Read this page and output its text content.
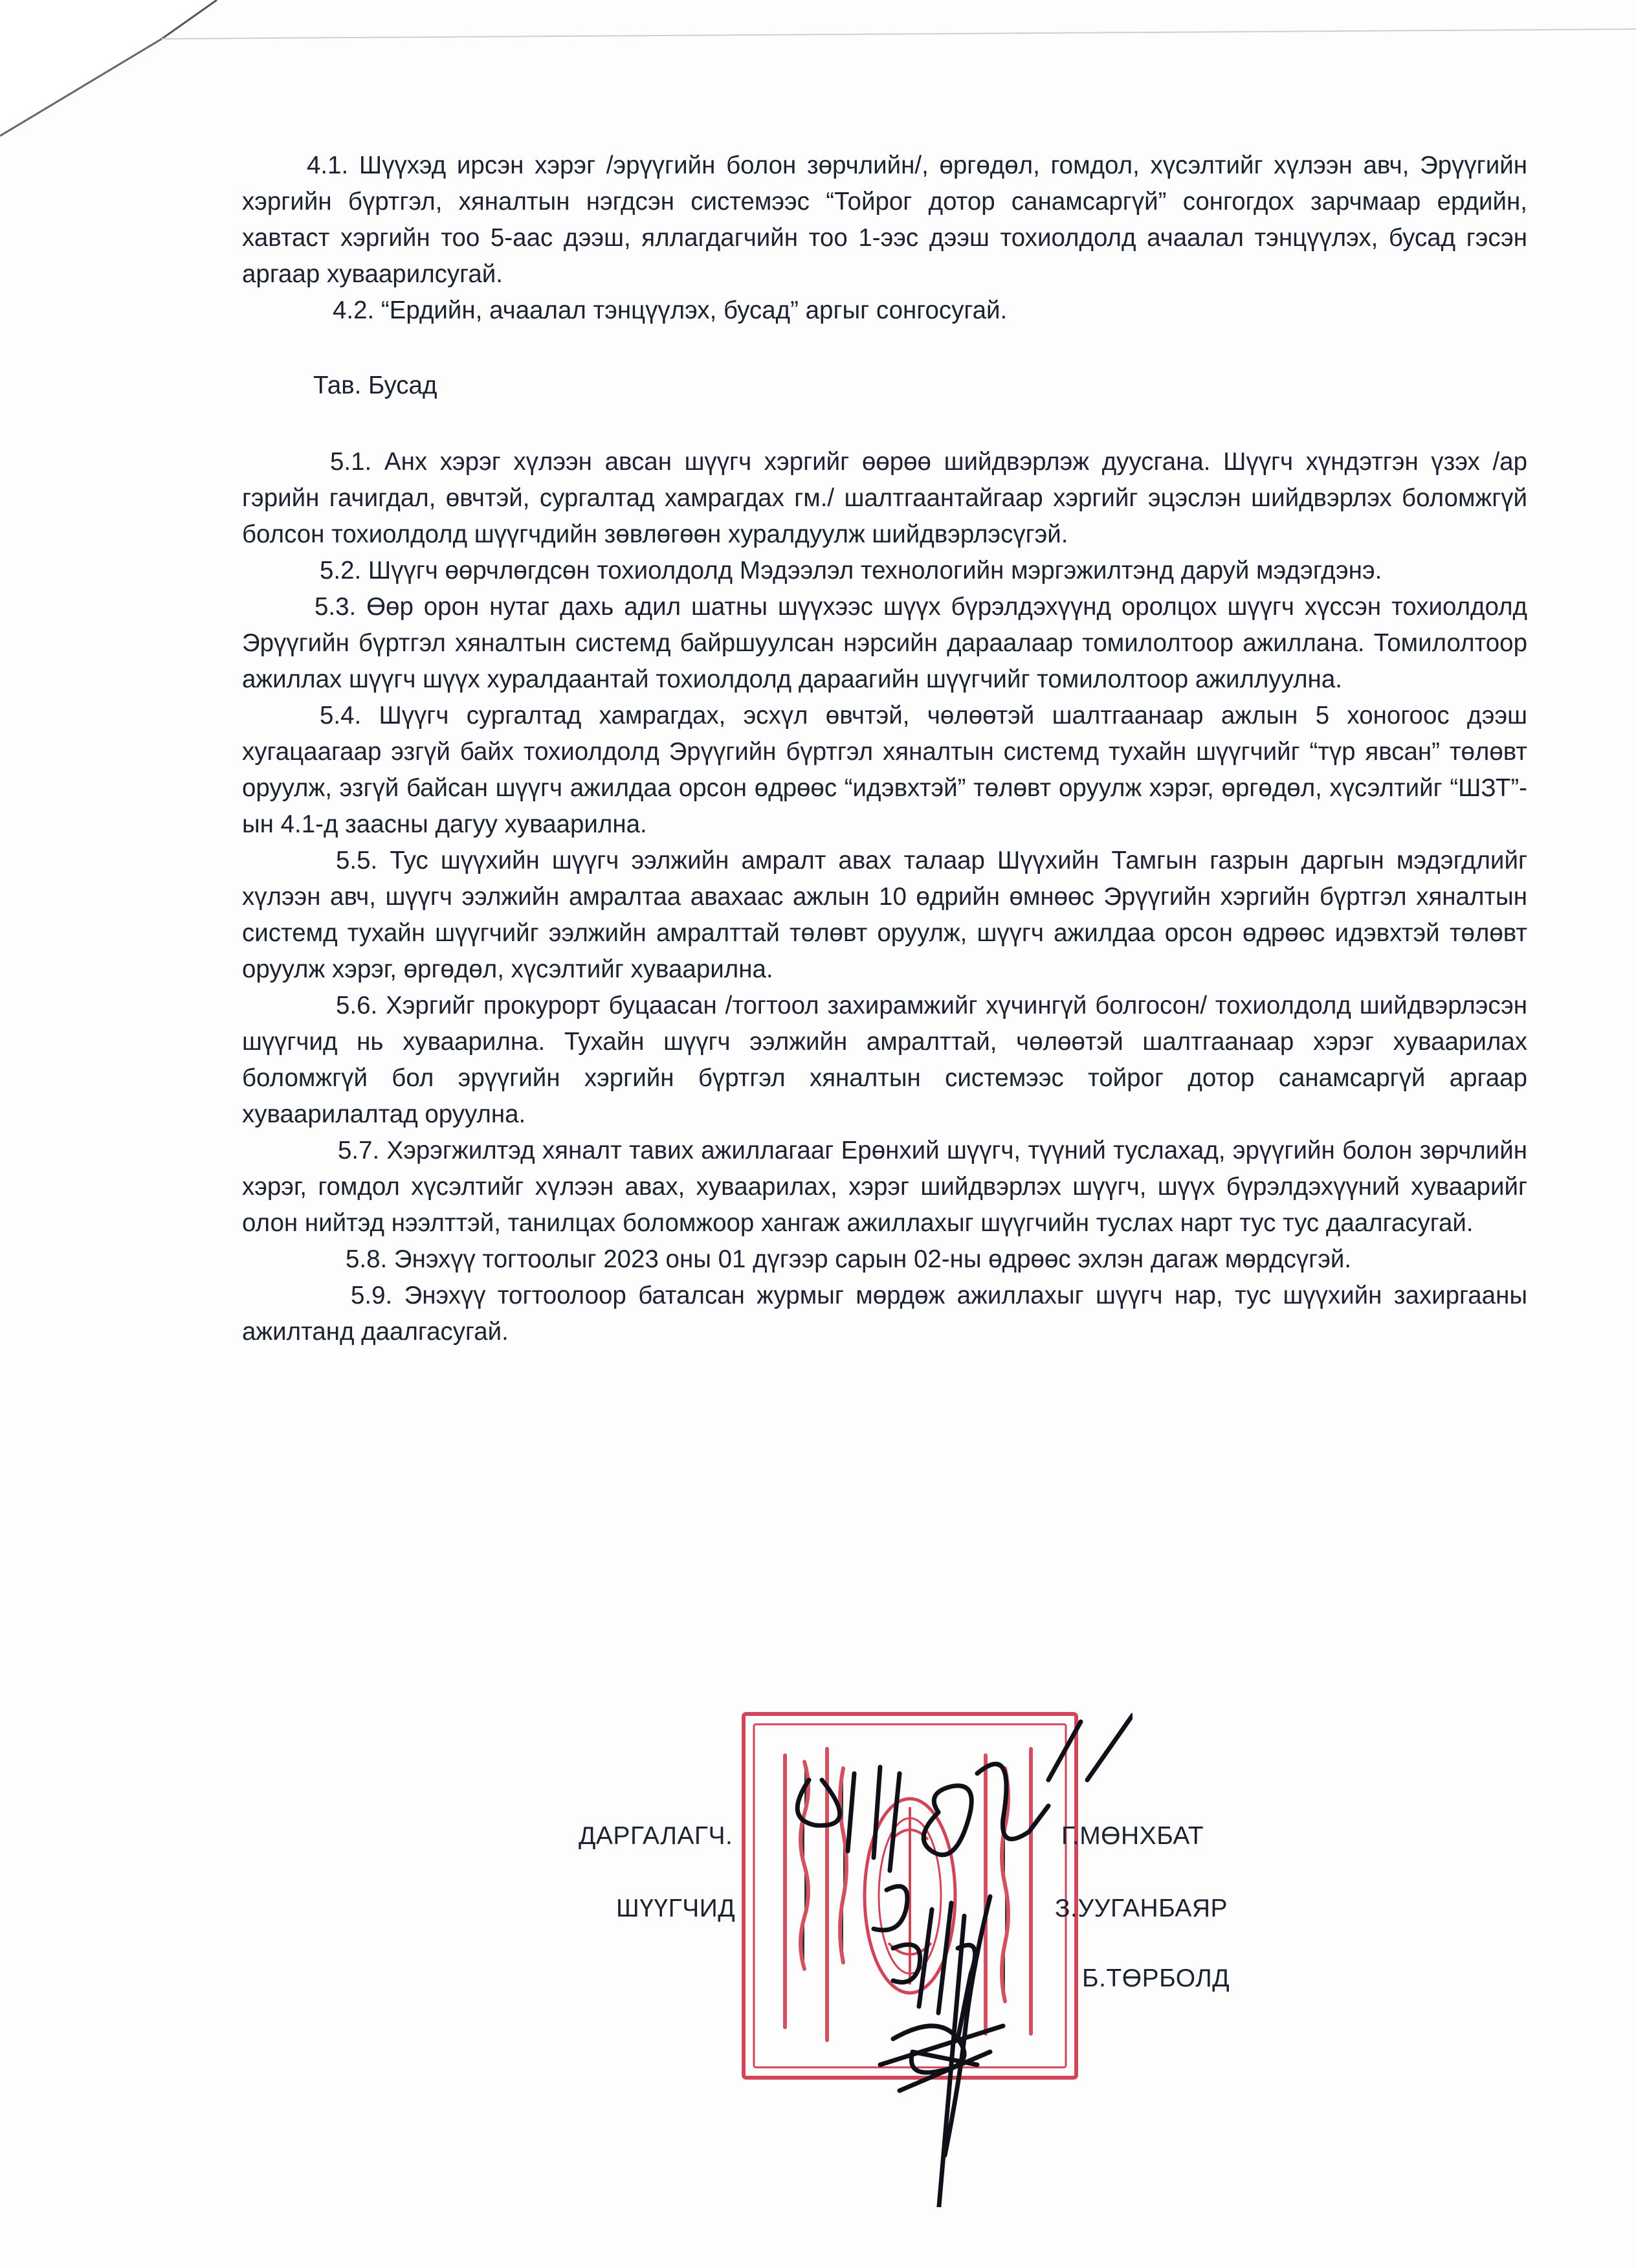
4.1. Шүүхэд ирсэн хэрэг /эрүүгийн болон зөрчлийн/, өргөдөл, гомдол, хүсэлтийг хүлээн авч, Эрүүгийн хэргийн бүртгэл, хяналтын нэгдсэн системээс “Тойрог дотор санамсаргүй” сонгогдох зарчмаар ердийн, хавтаст хэргийн тоо 5-аас дээш, яллагдагчийн тоо 1-ээс дээш тохиолдолд ачаалал тэнцүүлэх, бусад гэсэн аргаар хуваарилсугай.

4.2. “Ердийн, ачаалал тэнцүүлэх, бусад” аргыг сонгосугай.

Тав. Бусад

5.1. Анх хэрэг хүлээн авсан шүүгч хэргийг өөрөө шийдвэрлэж дуусгана. Шүүгч хүндэтгэн үзэх /ар гэрийн гачигдал, өвчтэй, сургалтад хамрагдах гм./ шалтгаантайгаар хэргийг эцэслэн шийдвэрлэх боломжгүй болсон тохиолдолд шүүгчдийн зөвлөгөөн хуралдуулж шийдвэрлэсүгэй.

5.2. Шүүгч өөрчлөгдсөн тохиолдолд Мэдээлэл технологийн мэргэжилтэнд даруй мэдэгдэнэ.

5.3. Өөр орон нутаг дахь адил шатны шүүхээс шүүх бүрэлдэхүүнд оролцох шүүгч хүссэн тохиолдолд Эрүүгийн бүртгэл хяналтын системд байршуулсан нэрсийн дараалаар томилолтоор ажиллана. Томилолтоор ажиллах шүүгч шүүх хуралдаантай тохиолдолд дараагийн шүүгчийг томилолтоор ажиллуулна.

5.4. Шүүгч сургалтад хамрагдах, эсхүл өвчтэй, чөлөөтэй шалтгаанаар ажлын 5 хоногоос дээш хугацаагаар эзгүй байх тохиолдолд Эрүүгийн бүртгэл хяналтын системд тухайн шүүгчийг “түр явсан” төлөвт оруулж, эзгүй байсан шүүгч ажилдаа орсон өдрөөс “идэвхтэй” төлөвт оруулж хэрэг, өргөдөл, хүсэлтийг “ШЗТ”-ын 4.1-д заасны дагуу хуваарилна.

5.5. Тус шүүхийн шүүгч ээлжийн амралт авах талаар Шүүхийн Тамгын газрын даргын мэдэгдлийг хүлээн авч, шүүгч ээлжийн амралтаа авахаас ажлын 10 өдрийн өмнөөс Эрүүгийн хэргийн бүртгэл хяналтын системд тухайн шүүгчийг ээлжийн амралттай төлөвт оруулж, шүүгч ажилдаа орсон өдрөөс идэвхтэй төлөвт оруулж хэрэг, өргөдөл, хүсэлтийг хуваарилна.

5.6. Хэргийг прокурорт буцаасан /тогтоол захирамжийг хүчингүй болгосон/ тохиолдолд шийдвэрлэсэн шүүгчид нь хуваарилна. Тухайн шүүгч ээлжийн амралттай, чөлөөтэй шалтгаанаар хэрэг хуваарилах боломжгүй бол эрүүгийн хэргийн бүртгэл хяналтын системээс тойрог дотор санамсаргүй аргаар хуваарилалтад оруулна.

5.7. Хэрэгжилтэд хяналт тавих ажиллагааг Ерөнхий шүүгч, түүний туслахад, эрүүгийн болон зөрчлийн хэрэг, гомдол хүсэлтийг хүлээн авах, хуваарилах, хэрэг шийдвэрлэх шүүгч, шүүх бүрэлдэхүүний хуваарийг олон нийтэд нээлттэй, танилцах боломжоор хангаж ажиллахыг шүүгчийн туслах нарт тус тус даалгасугай.

5.8. Энэхүү тогтоолыг 2023 оны 01 дүгээр сарын 02-ны өдрөөс эхлэн дагаж мөрдсүгэй.

5.9. Энэхүү тогтоолоор баталсан журмыг мөрдөж ажиллахыг шүүгч нар, тус шүүхийн захиргааны ажилтанд даалгасугай.

ДАРГАЛАГЧ.	Г.МӨНХБАТ
ШҮҮГЧИД	З.УУГАНБАЯР
Б.ТӨРБОЛД
